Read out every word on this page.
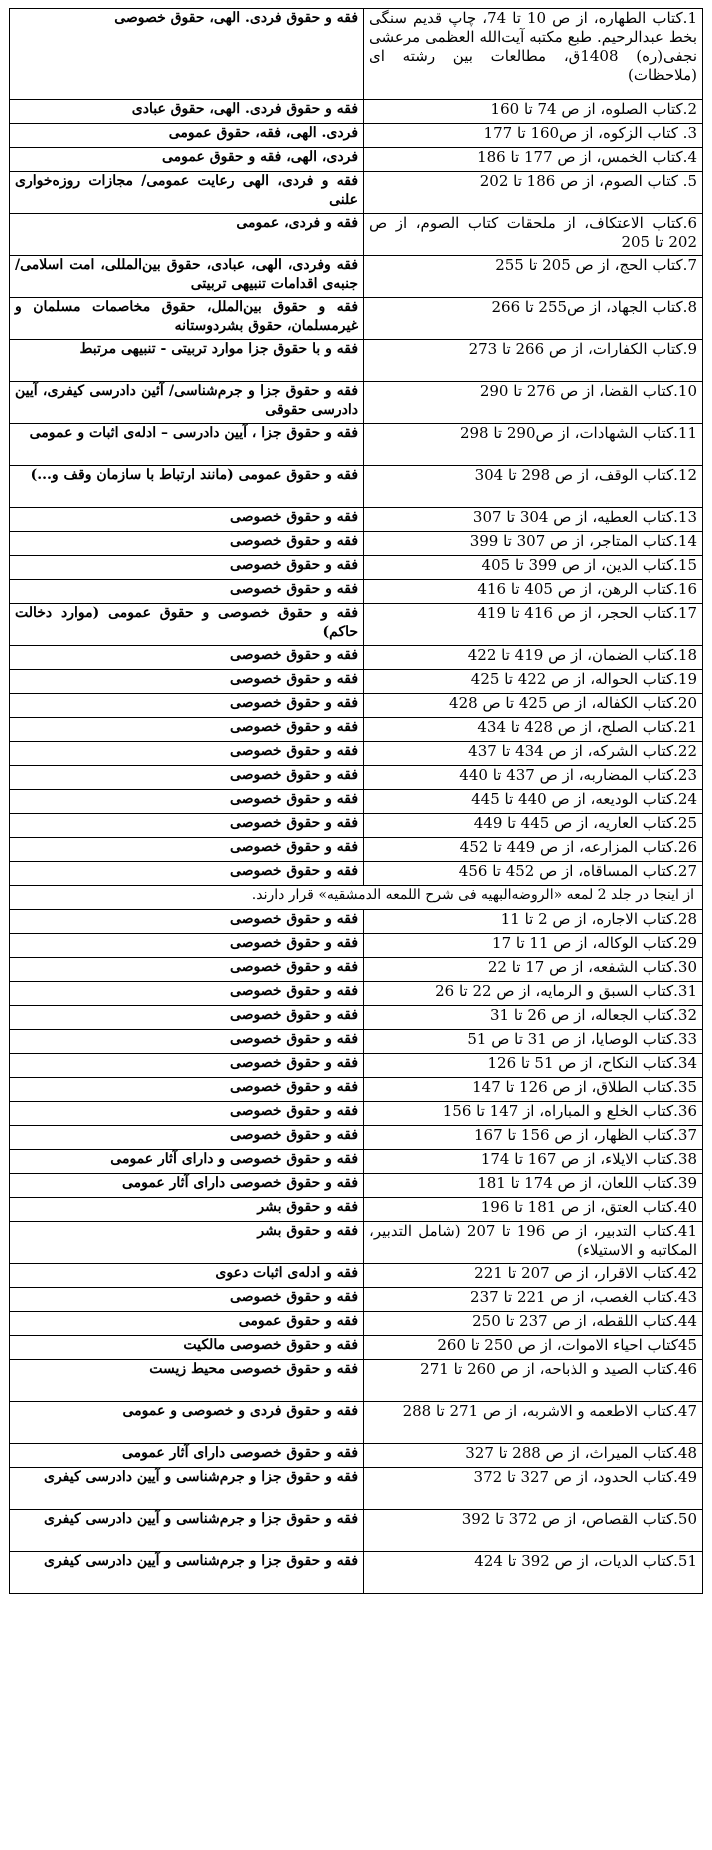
1.کتاب الطهاره، از ص 10 تا 74، چاپ قدیم سنگی بخط عبدالرحیم. طبع مکتبه آیت‌الله العظمی مرعشی نجفی(ره) 1408ق، مطالعات بین رشته ای (ملاحظات)	فقه و حقوق فردی. الهی، حقوق خصوصی
2.کتاب الصلوه، از ص 74 تا 160	فقه و حقوق فردی. الهی، حقوق عبادی
3. کتاب الزکوه، از ص160 تا 177	فردی. الهی، فقه، حقوق عمومی
4.کتاب الخمس، از ص 177 تا 186	فردی، الهی، فقه و حقوق عمومی
5. کتاب الصوم، از ص 186 تا 202	فقه و فردی، الهی رعایت عمومی/ مجازات روزه‌خواری علنی
6.کتاب الاعتکاف، از ملحقات کتاب الصوم، از ص 202 تا 205	فقه و فردی، عمومی
7.کتاب الحج، از ص 205 تا 255	فقه وفردی، الهی، عبادی، حقوق بین‌المللی، امت اسلامی/ جنبه‌ی اقدامات تنبیهی تربیتی
8.کتاب الجهاد، از ص255 تا 266	فقه و حقوق بین‌الملل، حقوق مخاصمات مسلمان و غیرمسلمان، حقوق بشردوستانه
9.کتاب الکفارات، از ص 266 تا 273	فقه و با حقوق جزا موارد تربیتی - تنبیهی مرتبط
10.کتاب القضا، از ص 276 تا 290	فقه و حقوق جزا و جرم‌شناسی/ آئین دادرسی کیفری، آیین دادرسی حقوقی
11.کتاب الشهادات، از ص290 تا 298	فقه و حقوق جزا ، آیین دادرسی – ادله‌ی اثبات و عمومی
12.کتاب الوقف، از ص 298 تا 304	فقه و حقوق عمومی (مانند ارتباط با سازمان وقف و...)
13.کتاب العطیه، از ص 304 تا 307	فقه و حقوق خصوصی
14.کتاب المتاجر، از ص 307 تا 399	فقه و حقوق خصوصی
15.کتاب الدین، از ص 399 تا 405	فقه و حقوق خصوصی
16.کتاب الرهن، از ص 405 تا 416	فقه و حقوق خصوصی
17.کتاب الحجر، از ص 416 تا 419	فقه و حقوق خصوصی و حقوق عمومی (موارد دخالت حاکم)
18.کتاب الضمان، از ص 419 تا 422	فقه و حقوق خصوصی
19.کتاب الحواله، از ص 422 تا 425	فقه و حقوق خصوصی
20.کتاب الکفاله، از ص 425 تا ص 428	فقه و حقوق خصوصی
21.کتاب الصلح، از ص 428 تا 434	فقه و حقوق خصوصی
22.کتاب الشرکه، از ص 434 تا 437	فقه و حقوق خصوصی
23.کتاب المضاربه، از ص 437 تا 440	فقه و حقوق خصوصی
24.کتاب الودیعه، از ص 440 تا 445	فقه و حقوق خصوصی
25.کتاب العاریه، از ص 445 تا 449	فقه و حقوق خصوصی
26.کتاب المزارعه، از ص 449 تا 452	فقه و حقوق خصوصی
27.کتاب المساقاه، از ص 452 تا 456	فقه و حقوق خصوصی
از اینجا در جلد 2 لمعه «الروضه‌البهیه فی شرح اللمعه الدمشقیه» قرار دارند.	
28.کتاب الاجاره، از ص 2 تا 11	فقه و حقوق خصوصی
29.کتاب الوکاله، از ص 11 تا 17	فقه و حقوق خصوصی
30.کتاب الشفعه، از ص 17 تا 22	فقه و حقوق خصوصی
31.کتاب السبق و الرمایه، از ص 22 تا 26	فقه و حقوق خصوصی
32.کتاب الجعاله، از ص 26 تا 31	فقه و حقوق خصوصی
33.کتاب الوصایا، از ص 31 تا ص 51	فقه و حقوق خصوصی
34.کتاب النکاح، از ص 51 تا 126	فقه و حقوق خصوصی
35.کتاب الطلاق، از ص 126 تا 147	فقه و حقوق خصوصی
36.کتاب الخلع و المباراه، از 147 تا 156	فقه و حقوق خصوصی
37.کتاب الظهار، از ص 156 تا 167	فقه و حقوق خصوصی
38.کتاب الایلاء، از ص 167 تا 174	فقه و حقوق خصوصی و دارای آثار عمومی
39.کتاب اللعان، از ص 174 تا 181	فقه و حقوق خصوصی دارای آثار عمومی
40.کتاب العتق، از ص 181 تا 196	فقه و حقوق بشر
41.کتاب التدبیر، از ص 196 تا 207 (شامل التدبیر، المکاتبه و الاستیلاء)	فقه و حقوق بشر
42.کتاب الاقرار، از ص 207 تا 221	فقه و ادله‌ی اثبات دعوی
43.کتاب الغصب، از ص 221 تا 237	فقه و حقوق خصوصی
44.کتاب اللقطه، از ص 237 تا 250	فقه و حقوق عمومی
45کتاب احیاء الاموات، از ص 250 تا 260	فقه و حقوق خصوصی مالکیت
46.کتاب الصید و الذباحه، از ص 260 تا 271	فقه و حقوق خصوصی محیط زیست
47.کتاب الاطعمه و الاشربه، از ص 271 تا 288	فقه و حقوق فردی و خصوصی و عمومی
48.کتاب المیراث، از ص 288 تا 327	فقه و حقوق خصوصی دارای آثار عمومی
49.کتاب الحدود، از ص 327 تا 372	فقه و حقوق جزا و جرم‌شناسی و آیین دادرسی کیفری
50.کتاب القصاص، از ص 372 تا 392	فقه و حقوق جزا و جرم‌شناسی و آیین دادرسی کیفری
51.کتاب الدیات، از ص 392 تا 424	فقه و حقوق جزا و جرم‌شناسی و آیین دادرسی کیفری
